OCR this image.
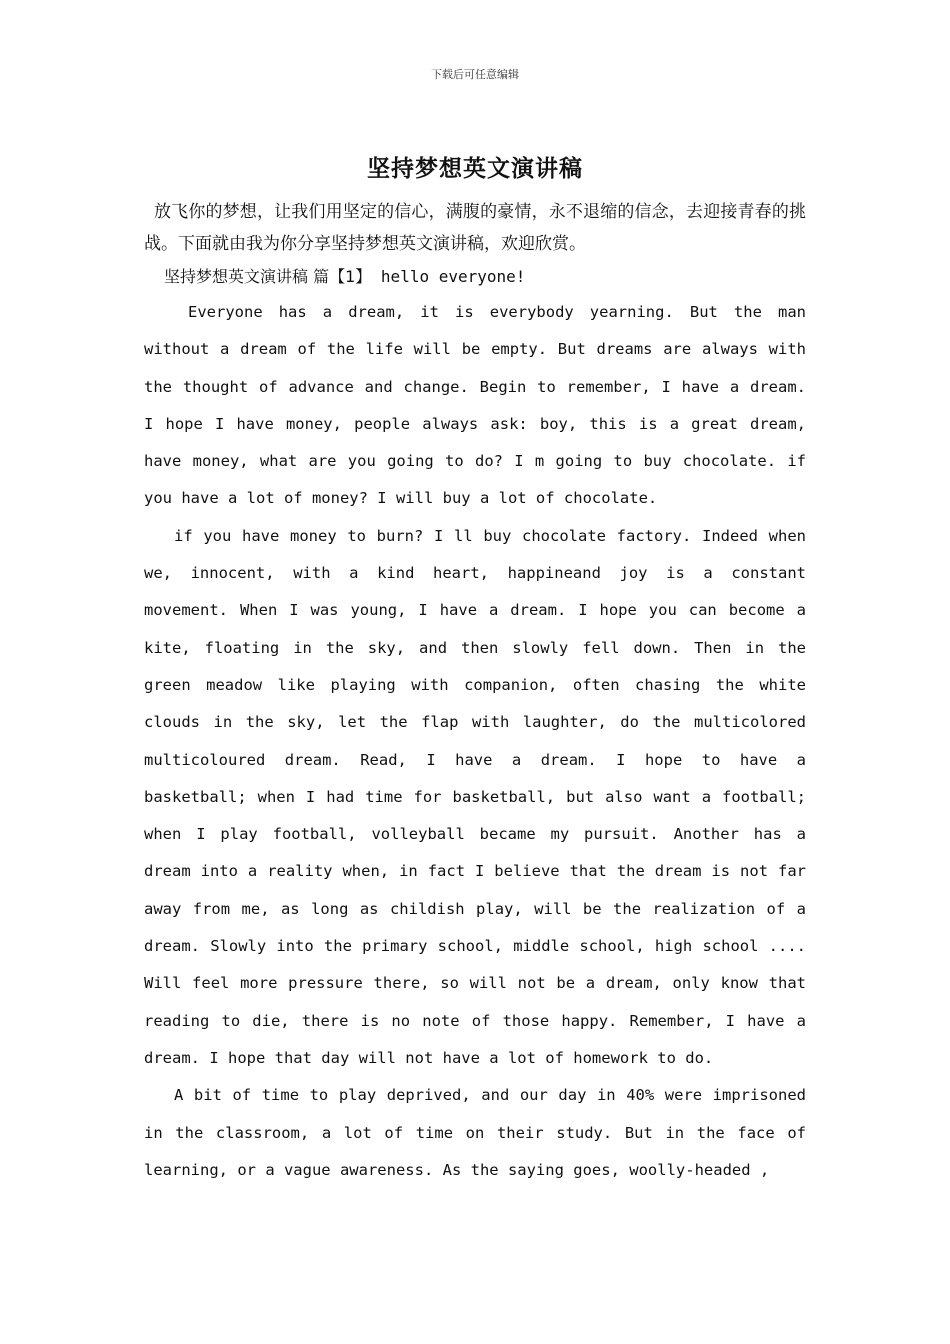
下载后可任意编辑
坚持梦想英文演讲稿

放飞你的梦想，让我们用坚定的信心，满腹的豪情，永不退缩的信念，去迎接青春的挑战。下面就由我为你分享坚持梦想英文演讲稿，欢迎欣赏。

坚持梦想英文演讲稿 篇【1】 hello everyone!

Everyone has a dream, it is everybody yearning. But the man without a dream of the life will be empty. But dreams are always with the thought of advance and change. Begin to remember, I have a dream. I hope I have money, people always ask: boy, this is a great dream, have money, what are you going to do? I m going to buy chocolate. if you have a lot of money? I will buy a lot of chocolate.

if you have money to burn? I ll buy chocolate factory. Indeed when we, innocent, with a kind heart, happineand joy is a constant movement. When I was young, I have a dream. I hope you can become a kite, floating in the sky, and then slowly fell down. Then in the green meadow like playing with companion, often chasing the white clouds in the sky, let the flap with laughter, do the multicolored multicoloured dream. Read, I have a dream. I hope to have a basketball; when I had time for basketball, but also want a football; when I play football, volleyball became my pursuit. Another has a dream into a reality when, in fact I believe that the dream is not far away from me, as long as childish play, will be the realization of a dream. Slowly into the primary school, middle school, high school .... Will feel more pressure there, so will not be a dream, only know that reading to die, there is no note of those happy. Remember, I have a dream. I hope that day will not have a lot of homework to do.

A bit of time to play deprived, and our day in 40% were imprisoned in the classroom, a lot of time on their study. But in the face of learning, or a vague awareness. As the saying goes, woolly-headed ,
